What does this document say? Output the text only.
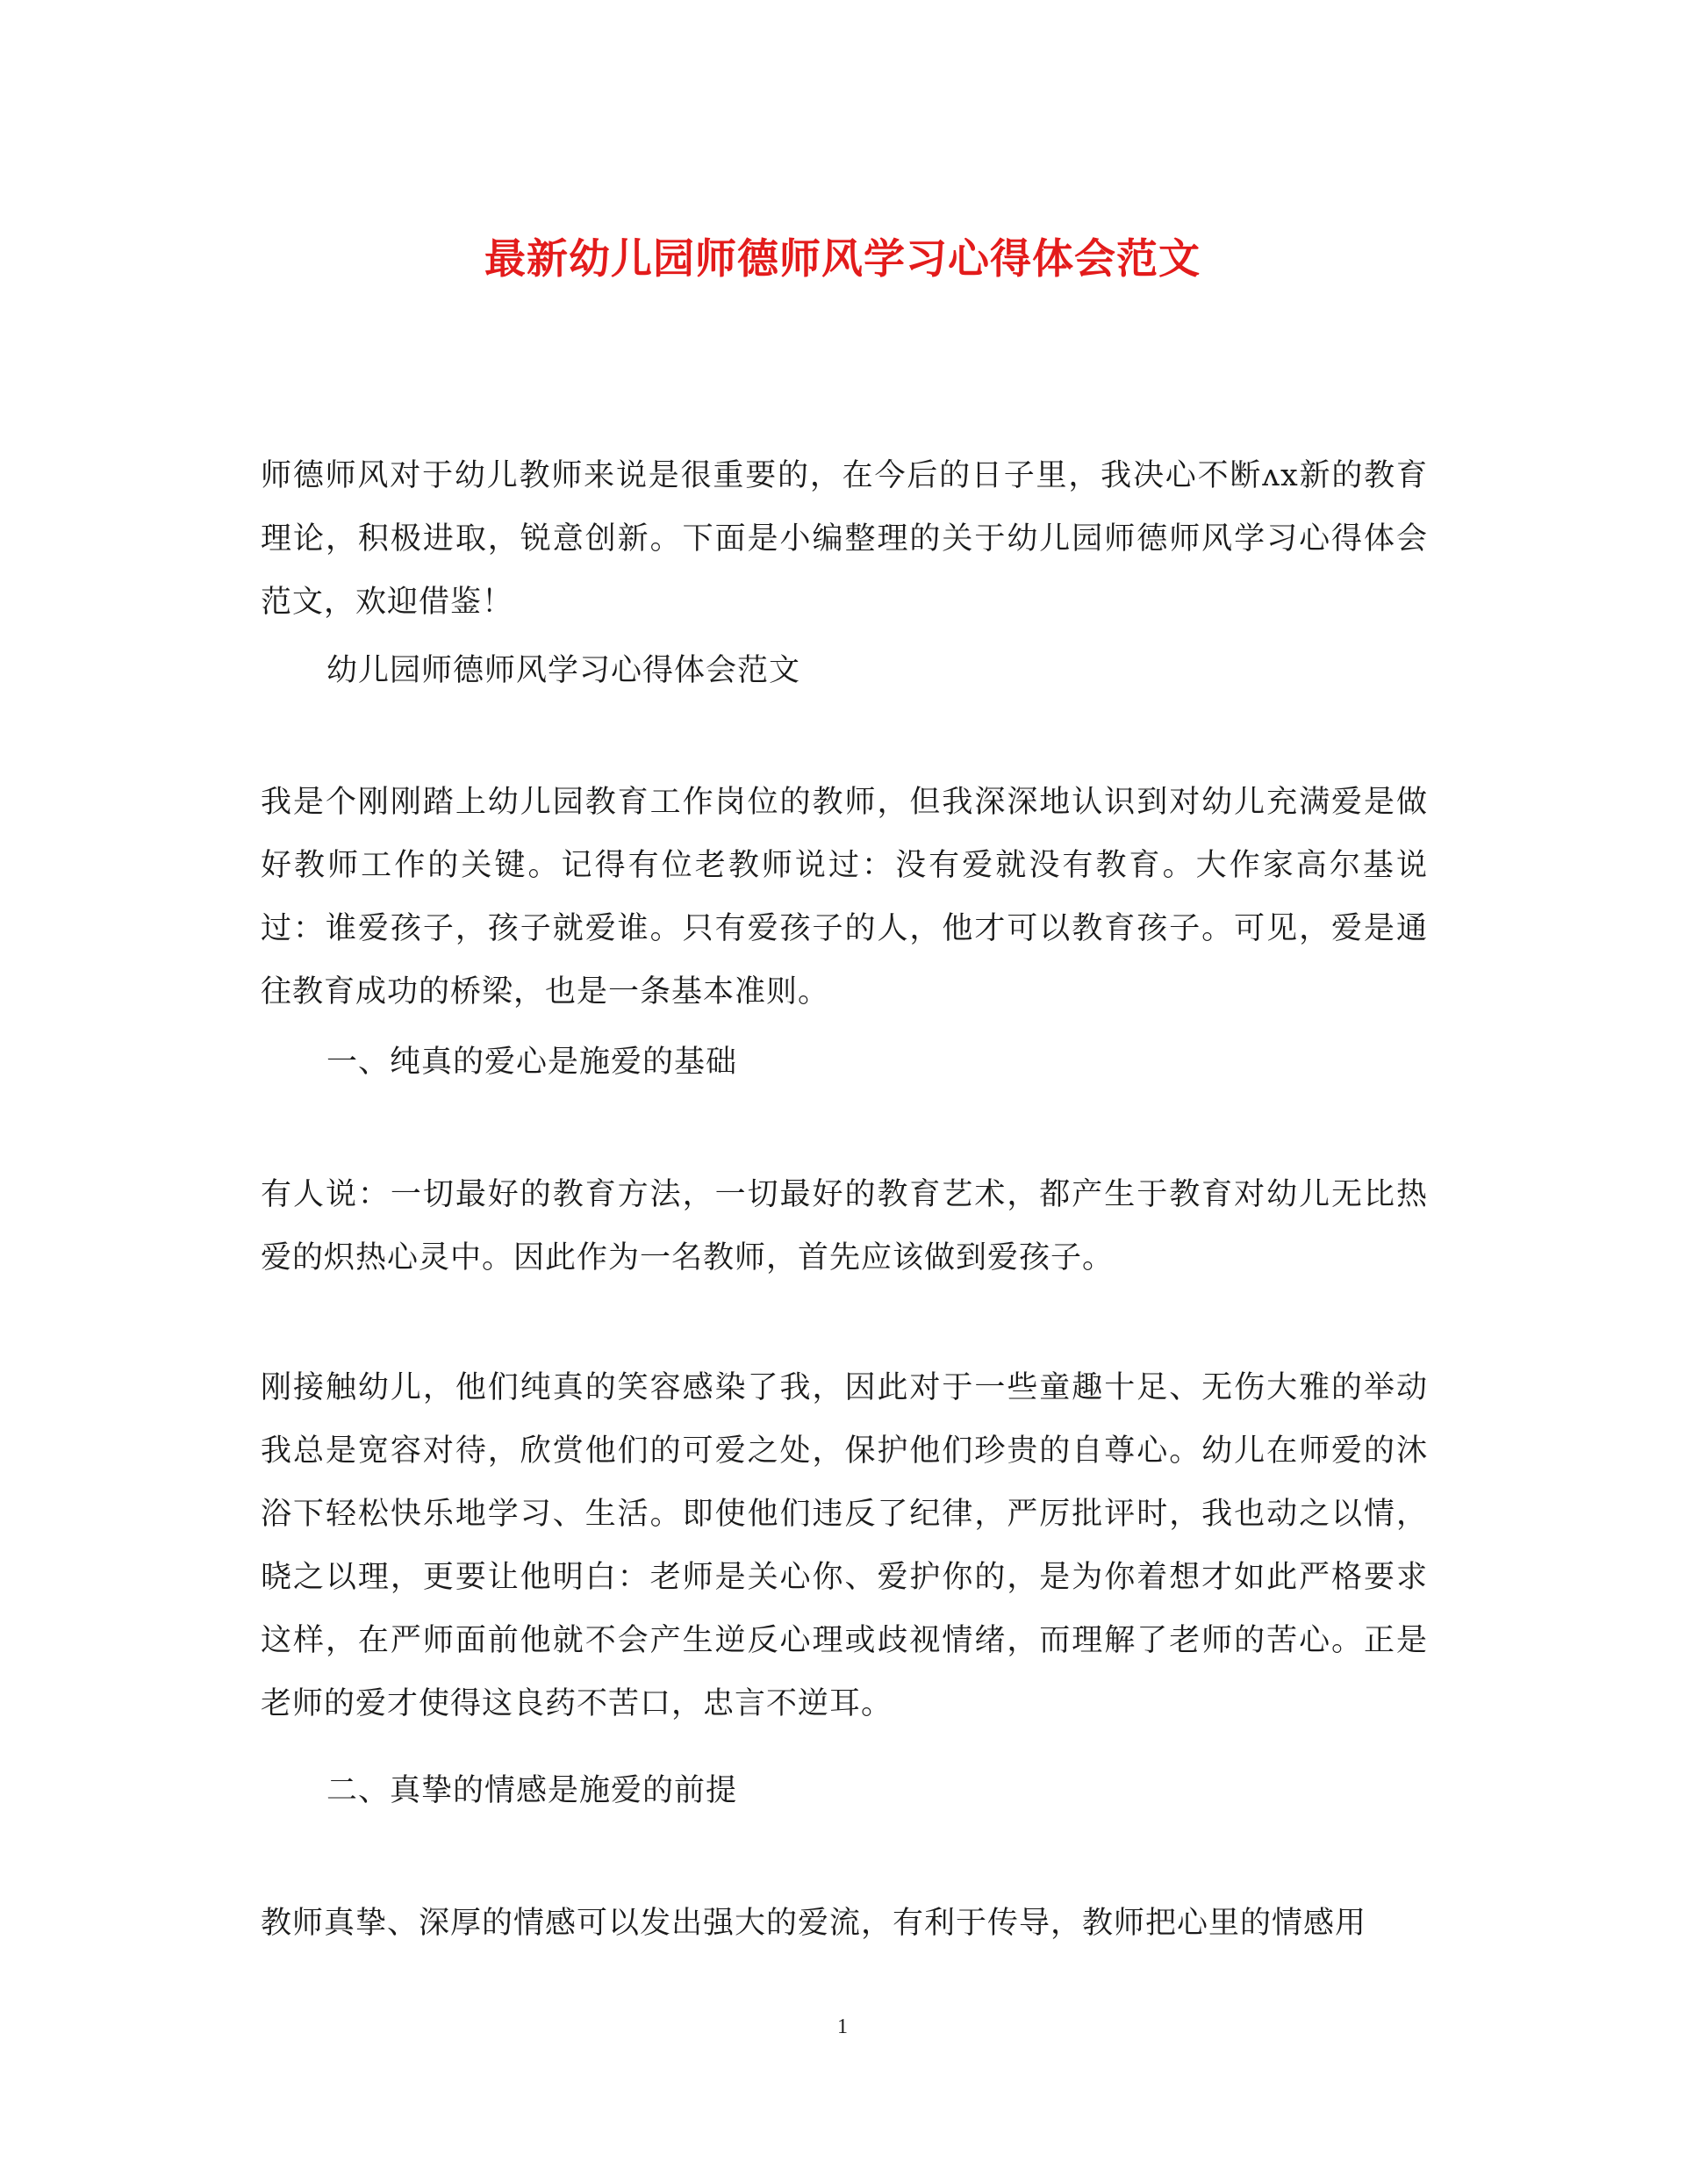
最新幼儿园师德师风学习心得体会范文

师德师风对于幼儿教师来说是很重要的，在今后的日子里，我决心不断ʌx新的教育理论，积极进取，锐意创新。下面是小编整理的关于幼儿园师德师风学习心得体会范文，欢迎借鉴！

幼儿园师德师风学习心得体会范文

我是个刚刚踏上幼儿园教育工作岗位的教师，但我深深地认识到对幼儿充满爱是做好教师工作的关键。记得有位老教师说过：没有爱就没有教育。大作家高尔基说过：谁爱孩子，孩子就爱谁。只有爱孩子的人，他才可以教育孩子。可见，爱是通往教育成功的桥梁，也是一条基本准则。

一、纯真的爱心是施爱的基础

有人说：一切最好的教育方法，一切最好的教育艺术，都产生于教育对幼儿无比热爱的炽热心灵中。因此作为一名教师，首先应该做到爱孩子。

刚接触幼儿，他们纯真的笑容感染了我，因此对于一些童趣十足、无伤大雅的举动我总是宽容对待，欣赏他们的可爱之处，保护他们珍贵的自尊心。幼儿在师爱的沐浴下轻松快乐地学习、生活。即使他们违反了纪律，严厉批评时，我也动之以情，晓之以理，更要让他明白：老师是关心你、爱护你的，是为你着想才如此严格要求这样，在严师面前他就不会产生逆反心理或歧视情绪，而理解了老师的苦心。正是老师的爱才使得这良药不苦口，忠言不逆耳。

二、真挚的情感是施爱的前提

教师真挚、深厚的情感可以发出强大的爱流，有利于传导，教师把心里的情感用

1
